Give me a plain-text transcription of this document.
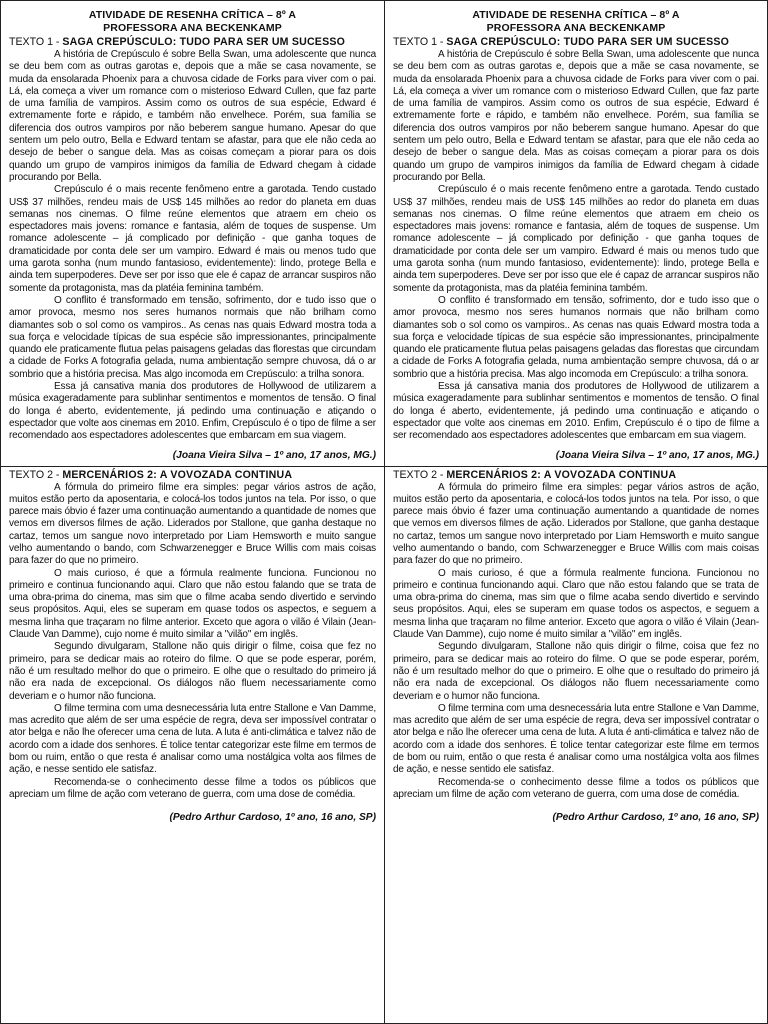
ATIVIDADE DE RESENHA CRÍTICA – 8º A
PROFESSORA ANA BECKENKAMP
TEXTO 1 - SAGA CREPÚSCULO: TUDO PARA SER UM SUCESSO

A história de Crepúsculo é sobre Bella Swan, uma adolescente que nunca se deu bem com as outras garotas e, depois que a mãe se casa novamente, se muda da ensolarada Phoenix para a chuvosa cidade de Forks para viver com o pai. Lá, ela começa a viver um romance com o misterioso Edward Cullen, que faz parte de uma família de vampiros. Assim como os outros de sua espécie, Edward é extremamente forte e rápido, e também não envelhece. Porém, sua família se diferencia dos outros vampiros por não beberem sangue humano. Apesar do que sentem um pelo outro, Bella e Edward tentam se afastar, para que ele não ceda ao desejo de beber o sangue dela. Mas as coisas começam a piorar para os dois quando um grupo de vampiros inimigos da família de Edward chegam à cidade procurando por Bella.

Crepúsculo é o mais recente fenômeno entre a garotada. Tendo custado US$ 37 milhões, rendeu mais de US$ 145 milhões ao redor do planeta em duas semanas nos cinemas. O filme reúne elementos que atraem em cheio os espectadores mais jovens: romance e fantasia, além de toques de suspense. Um romance adolescente – já complicado por definição - que ganha toques de dramaticidade por conta dele ser um vampiro. Edward é mais ou menos tudo que uma garota sonha (num mundo fantasioso, evidentemente): lindo, protege Bella e ainda tem superpoderes. Deve ser por isso que ele é capaz de arrancar suspiros não somente da protagonista, mas da platéia feminina também.

O conflito é transformado em tensão, sofrimento, dor e tudo isso que o amor provoca, mesmo nos seres humanos normais que não brilham como diamantes sob o sol como os vampiros.. As cenas nas quais Edward mostra toda a sua força e velocidade típicas de sua espécie são impressionantes, principalmente quando ele praticamente flutua pelas paisagens geladas das florestas que circundam a cidade de Forks A fotografia gelada, numa ambientação sempre chuvosa, dá o ar sombrio que a história precisa. Mas algo incomoda em Crepúsculo: a trilha sonora.

Essa já cansativa mania dos produtores de Hollywood de utilizarem a música exageradamente para sublinhar sentimentos e momentos de tensão. O final do longa é aberto, evidentemente, já pedindo uma continuação e atiçando o espectador que volte aos cinemas em 2010. Enfim, Crepúsculo é o tipo de filme a ser recomendado aos espectadores adolescentes que embarcam em sua viagem.

(Joana Vieira Silva – 1º ano, 17 anos, MG.)
TEXTO 2 - MERCENÁRIOS 2: A VOVOZADA CONTINUA

A fórmula do primeiro filme era simples: pegar vários astros de ação, muitos estão perto da aposentaria, e colocá-los todos juntos na tela. Por isso, o que parece mais óbvio é fazer uma continuação aumentando a quantidade de nomes que vemos em diversos filmes de ação. Liderados por Stallone, que ganha destaque no cartaz, temos um sangue novo interpretado por Liam Hemsworth e muito sangue velho aumentando o bando, com Schwarzenegger e Bruce Willis com mais coisas para fazer do que no primeiro.

O mais curioso, é que a fórmula realmente funciona. Funcionou no primeiro e continua funcionando aqui. Claro que não estou falando que se trata de uma obra-prima do cinema, mas sim que o filme acaba sendo divertido e servindo seus propósitos. Aqui, eles se superam em quase todos os aspectos, e seguem a mesma linha que traçaram no filme anterior. Exceto que agora o vilão é Vilain (Jean-Claude Van Damme), cujo nome é muito similar a "vilão" em inglês.

Segundo divulgaram, Stallone não quis dirigir o filme, coisa que fez no primeiro, para se dedicar mais ao roteiro do filme. O que se pode esperar, porém, não é um resultado melhor do que o primeiro. E olhe que o resultado do primeiro já não era nada de excepcional. Os diálogos não fluem necessariamente como deveriam e o humor não funciona.

O filme termina com uma desnecessária luta entre Stallone e Van Damme, mas acredito que além de ser uma espécie de regra, deva ser impossível contratar o ator belga e não lhe oferecer uma cena de luta. A luta é anti-climática e talvez não de acordo com a idade dos senhores. É tolice tentar categorizar este filme em termos de bom ou ruim, então o que resta é analisar como uma nostálgica volta aos filmes de ação, e nesse sentido ele satisfaz.

Recomenda-se o conhecimento desse filme a todos os públicos que apreciam um filme de ação com veterano de guerra, com uma dose de comédia.

(Pedro Arthur Cardoso, 1º ano, 16 ano, SP)
ATIVIDADE DE RESENHA CRÍTICA – 8º A
PROFESSORA ANA BECKENKAMP
TEXTO 1 - SAGA CREPÚSCULO: TUDO PARA SER UM SUCESSO

A história de Crepúsculo é sobre Bella Swan, uma adolescente que nunca se deu bem com as outras garotas e, depois que a mãe se casa novamente, se muda da ensolarada Phoenix para a chuvosa cidade de Forks para viver com o pai. Lá, ela começa a viver um romance com o misterioso Edward Cullen, que faz parte de uma família de vampiros. Assim como os outros de sua espécie, Edward é extremamente forte e rápido, e também não envelhece. Porém, sua família se diferencia dos outros vampiros por não beberem sangue humano. Apesar do que sentem um pelo outro, Bella e Edward tentam se afastar, para que ele não ceda ao desejo de beber o sangue dela. Mas as coisas começam a piorar para os dois quando um grupo de vampiros inimigos da família de Edward chegam à cidade procurando por Bella.

Crepúsculo é o mais recente fenômeno entre a garotada. Tendo custado US$ 37 milhões, rendeu mais de US$ 145 milhões ao redor do planeta em duas semanas nos cinemas. O filme reúne elementos que atraem em cheio os espectadores mais jovens: romance e fantasia, além de toques de suspense. Um romance adolescente – já complicado por definição - que ganha toques de dramaticidade por conta dele ser um vampiro. Edward é mais ou menos tudo que uma garota sonha (num mundo fantasioso, evidentemente): lindo, protege Bella e ainda tem superpoderes. Deve ser por isso que ele é capaz de arrancar suspiros não somente da protagonista, mas da platéia feminina também.

O conflito é transformado em tensão, sofrimento, dor e tudo isso que o amor provoca, mesmo nos seres humanos normais que não brilham como diamantes sob o sol como os vampiros.. As cenas nas quais Edward mostra toda a sua força e velocidade típicas de sua espécie são impressionantes, principalmente quando ele praticamente flutua pelas paisagens geladas das florestas que circundam a cidade de Forks A fotografia gelada, numa ambientação sempre chuvosa, dá o ar sombrio que a história precisa. Mas algo incomoda em Crepúsculo: a trilha sonora.

Essa já cansativa mania dos produtores de Hollywood de utilizarem a música exageradamente para sublinhar sentimentos e momentos de tensão. O final do longa é aberto, evidentemente, já pedindo uma continuação e atiçando o espectador que volte aos cinemas em 2010. Enfim, Crepúsculo é o tipo de filme a ser recomendado aos espectadores adolescentes que embarcam em sua viagem.

(Joana Vieira Silva – 1º ano, 17 anos, MG.)
TEXTO 2 - MERCENÁRIOS 2: A VOVOZADA CONTINUA

A fórmula do primeiro filme era simples: pegar vários astros de ação, muitos estão perto da aposentaria, e colocá-los todos juntos na tela. Por isso, o que parece mais óbvio é fazer uma continuação aumentando a quantidade de nomes que vemos em diversos filmes de ação. Liderados por Stallone, que ganha destaque no cartaz, temos um sangue novo interpretado por Liam Hemsworth e muito sangue velho aumentando o bando, com Schwarzenegger e Bruce Willis com mais coisas para fazer do que no primeiro.

O mais curioso, é que a fórmula realmente funciona. Funcionou no primeiro e continua funcionando aqui. Claro que não estou falando que se trata de uma obra-prima do cinema, mas sim que o filme acaba sendo divertido e servindo seus propósitos. Aqui, eles se superam em quase todos os aspectos, e seguem a mesma linha que traçaram no filme anterior. Exceto que agora o vilão é Vilain (Jean-Claude Van Damme), cujo nome é muito similar a "vilão" em inglês.

Segundo divulgaram, Stallone não quis dirigir o filme, coisa que fez no primeiro, para se dedicar mais ao roteiro do filme. O que se pode esperar, porém, não é um resultado melhor do que o primeiro. E olhe que o resultado do primeiro já não era nada de excepcional. Os diálogos não fluem necessariamente como deveriam e o humor não funciona.

O filme termina com uma desnecessária luta entre Stallone e Van Damme, mas acredito que além de ser uma espécie de regra, deva ser impossível contratar o ator belga e não lhe oferecer uma cena de luta. A luta é anti-climática e talvez não de acordo com a idade dos senhores. É tolice tentar categorizar este filme em termos de bom ou ruim, então o que resta é analisar como uma nostálgica volta aos filmes de ação, e nesse sentido ele satisfaz.

Recomenda-se o conhecimento desse filme a todos os públicos que apreciam um filme de ação com veterano de guerra, com uma dose de comédia.

(Pedro Arthur Cardoso, 1º ano, 16 ano, SP)
